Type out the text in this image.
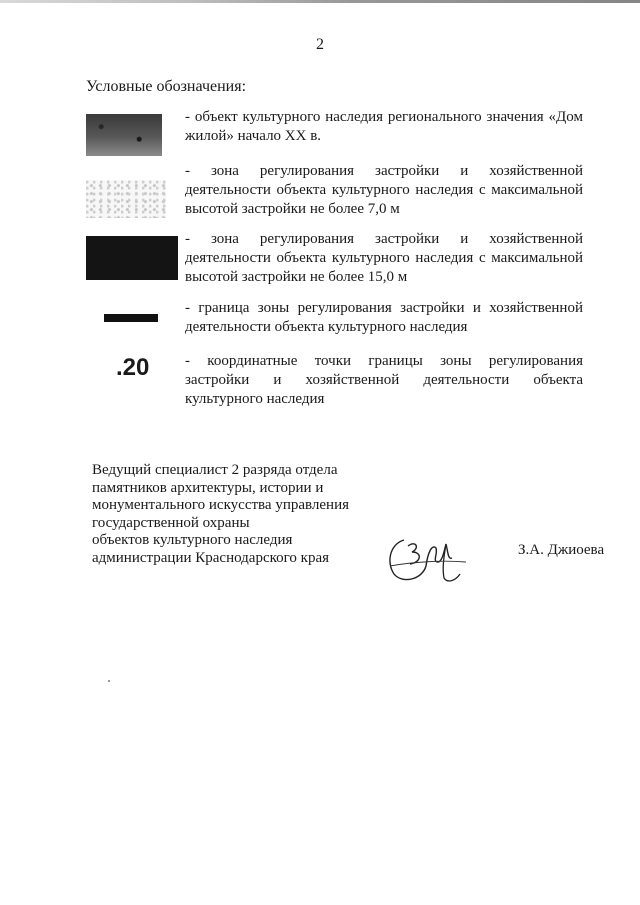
2
Условные обозначения:
.20
- объект культурного наследия регионального значения «Дом жилой» начало XX в.
- зона регулирования застройки и хозяйственной деятельности объекта культурного наследия с максимальной высотой застройки не более 7,0 м
- зона регулирования застройки и хозяйственной деятельности объекта культурного наследия с максимальной высотой застройки не более 15,0 м
- граница зоны регулирования застройки и хозяйственной деятельности объекта культурного наследия
- координатные точки границы зоны регулирования застройки и хозяйственной деятельности объекта культурного наследия
Ведущий специалист 2 разряда отдела
памятников архитектуры, истории и
монументального искусства управления
государственной охраны
объектов культурного наследия
администрации Краснодарского края	З.А. Джиоева
